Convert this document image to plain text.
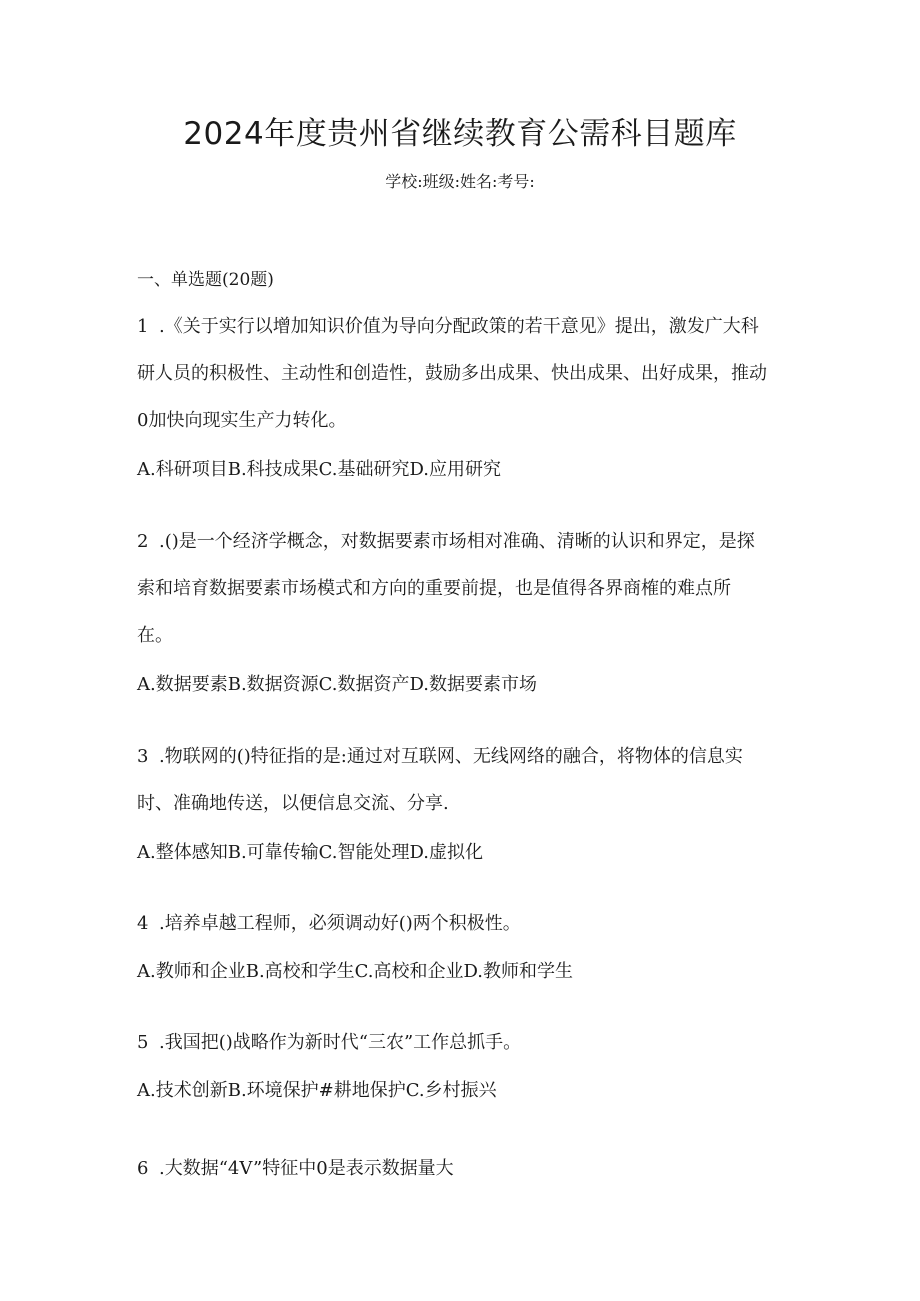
2024年度贵州省继续教育公需科目题库
学校:班级:姓名:考号:
一、单选题(20题)
1 .《关于实行以增加知识价值为导向分配政策的若干意见》提出，激发广大科
研人员的积极性、主动性和创造性，鼓励多出成果、快出成果、出好成果，推动
0加快向现实生产力转化。
A.科研项目B.科技成果C.基础研究D.应用研究
2 .()是一个经济学概念，对数据要素市场相对准确、清晰的认识和界定，是探
索和培育数据要素市场模式和方向的重要前提，也是值得各界商榷的难点所
在。
A.数据要素B.数据资源C.数据资产D.数据要素市场
3 .物联网的()特征指的是:通过对互联网、无线网络的融合，将物体的信息实
时、准确地传送，以便信息交流、分享.
A.整体感知B.可靠传输C.智能处理D.虚拟化
4 .培养卓越工程师，必须调动好()两个积极性。
A.教师和企业B.高校和学生C.高校和企业D.教师和学生
5 .我国把()战略作为新时代“三农”工作总抓手。
A.技术创新B.环境保护#耕地保护C.乡村振兴
6 .大数据“4V”特征中0是表示数据量大
